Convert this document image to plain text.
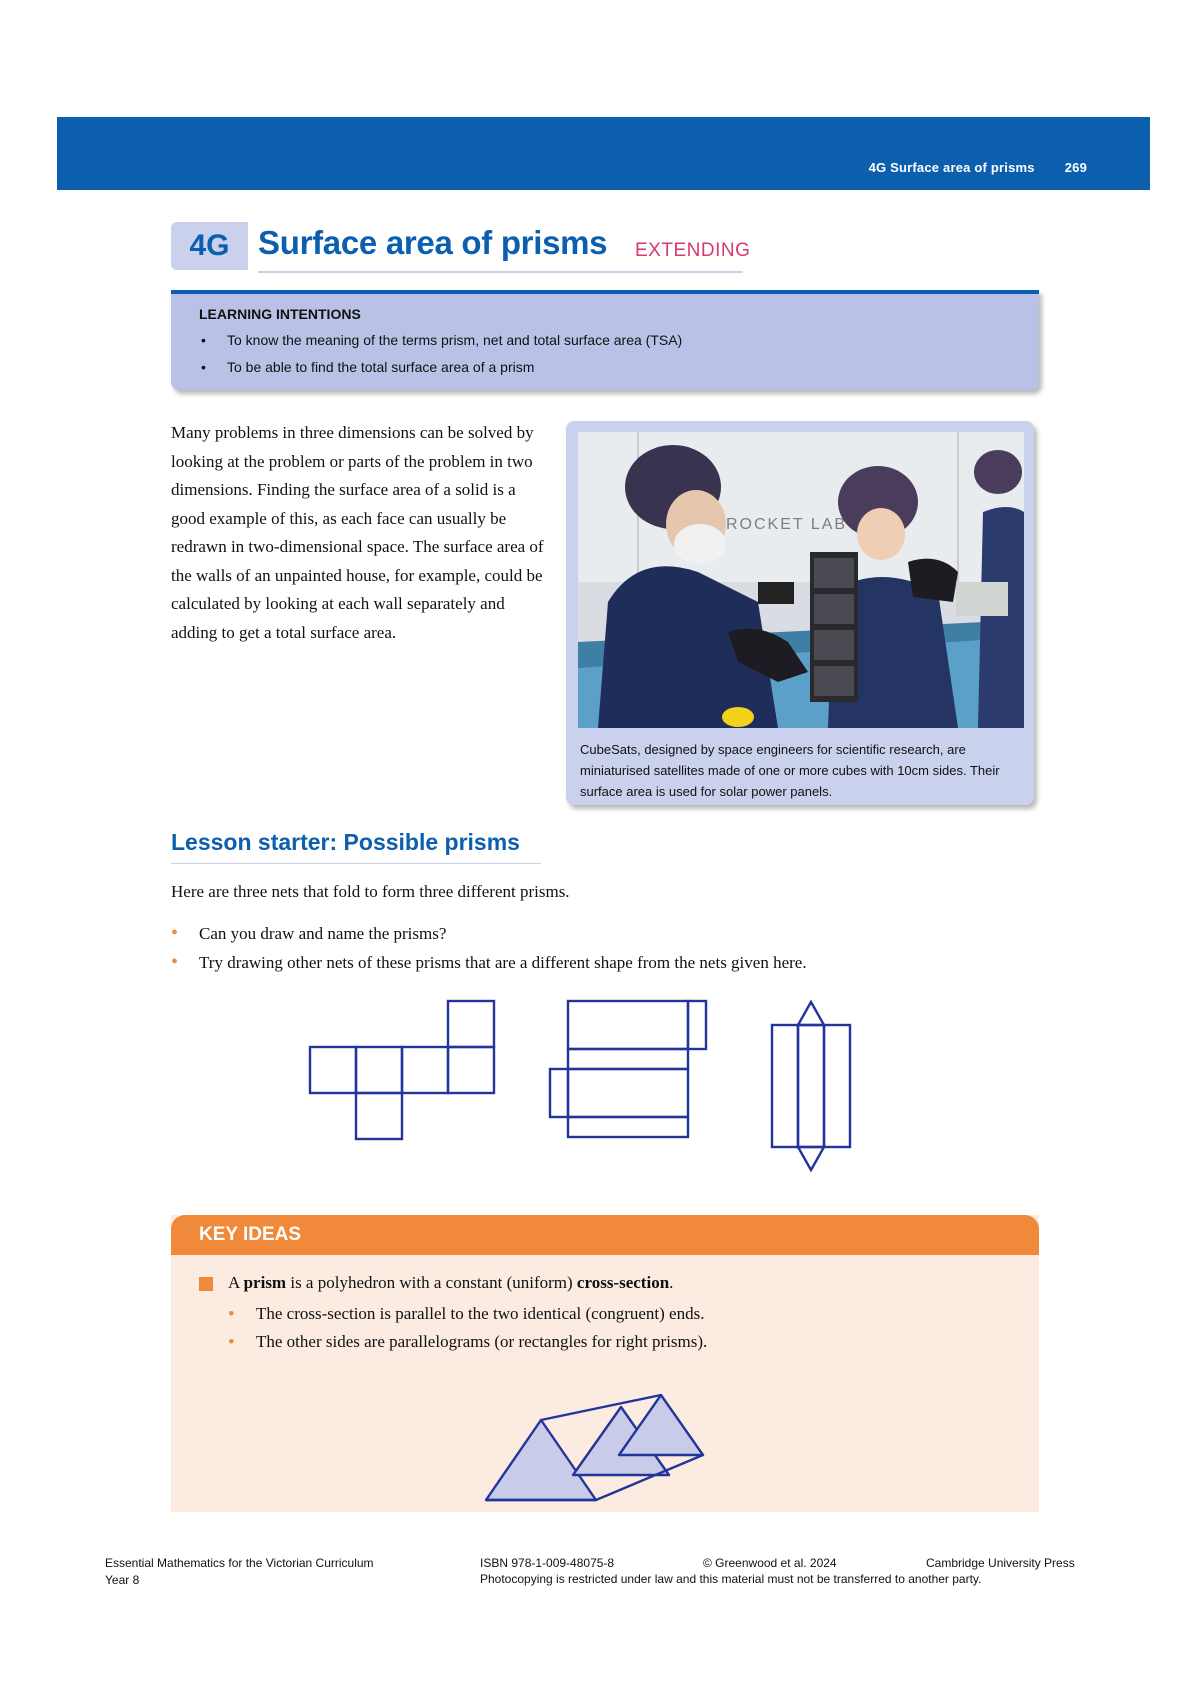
4G Surface area of prisms 269
4G Surface area of prisms EXTENDING
LEARNING INTENTIONS
• To know the meaning of the terms prism, net and total surface area (TSA)
• To be able to find the total surface area of a prism

Many problems in three dimensions can be solved by looking at the problem or parts of the problem in two dimensions. Finding the surface area of a solid is a good example of this, as each face can usually be redrawn in two-dimensional space. The surface area of the walls of an unpainted house, for example, could be calculated by looking at each wall separately and adding to get a total surface area.

ROCKET LAB
CubeSats, designed by space engineers for scientific research, are miniaturised satellites made of one or more cubes with 10cm sides. Their surface area is used for solar power panels.
Lesson starter: Possible prisms

Here are three nets that fold to form three different prisms.

• Can you draw and name the prisms?
• Try drawing other nets of these prisms that are a different shape from the nets given here.
KEY IDEAS
A prism is a polyhedron with a constant (uniform) cross-section.
• The cross-section is parallel to the two identical (congruent) ends.
• The other sides are parallelograms (or rectangles for right prisms).
Essential Mathematics for the Victorian Curriculum
Year 8
ISBN 978-1-009-48075-8	© Greenwood et al. 2024	Cambridge University Press
Photocopying is restricted under law and this material must not be transferred to another party.
